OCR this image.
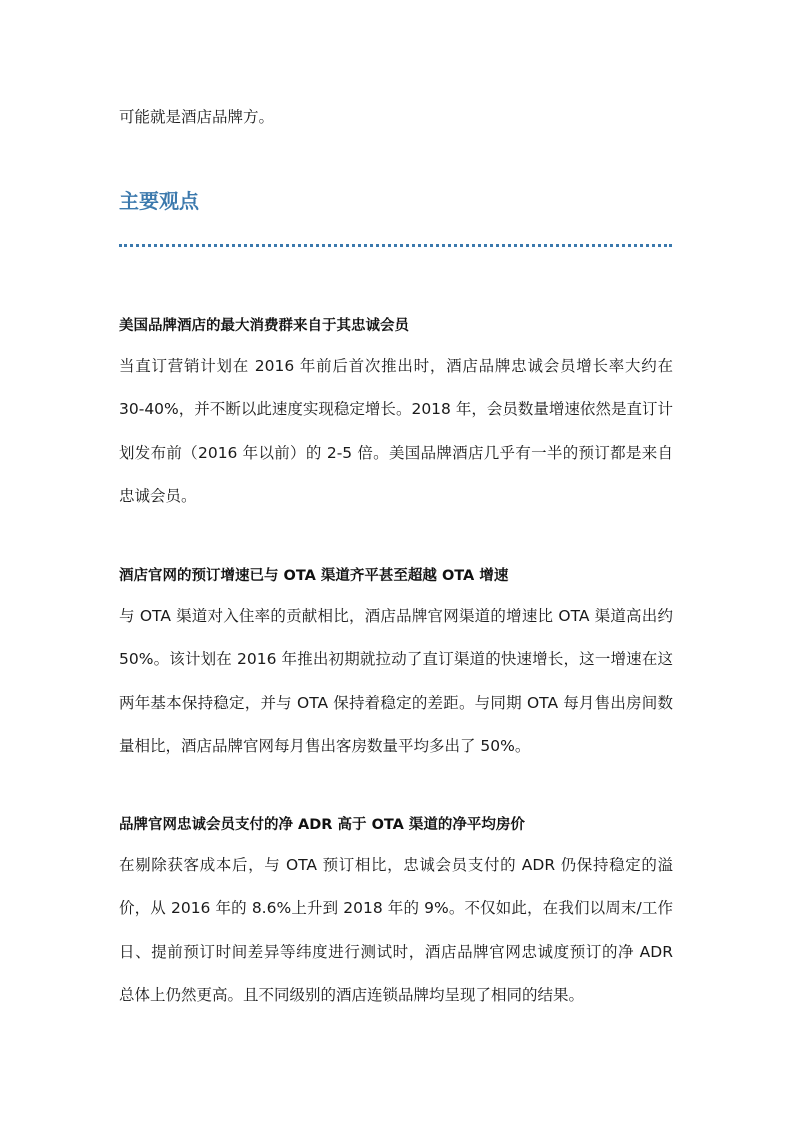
可能就是酒店品牌方。

主要观点
美国品牌酒店的最大消费群来自于其忠诚会员

当直订营销计划在 2016 年前后首次推出时，酒店品牌忠诚会员增长率大约在 30-40%，并不断以此速度实现稳定增长。2018 年，会员数量增速依然是直订计划发布前（2016 年以前）的 2-5 倍。美国品牌酒店几乎有一半的预订都是来自忠诚会员。

酒店官网的预订增速已与 OTA 渠道齐平甚至超越 OTA 增速

与 OTA 渠道对入住率的贡献相比，酒店品牌官网渠道的增速比 OTA 渠道高出约 50%。该计划在 2016 年推出初期就拉动了直订渠道的快速增长，这一增速在这两年基本保持稳定，并与 OTA 保持着稳定的差距。与同期 OTA 每月售出房间数量相比，酒店品牌官网每月售出客房数量平均多出了 50%。

品牌官网忠诚会员支付的净 ADR 高于 OTA 渠道的净平均房价

在剔除获客成本后，与 OTA 预订相比，忠诚会员支付的 ADR 仍保持稳定的溢价，从 2016 年的 8.6%上升到 2018 年的 9%。不仅如此，在我们以周末/工作日、提前预订时间差异等纬度进行测试时，酒店品牌官网忠诚度预订的净 ADR 总体上仍然更高。且不同级别的酒店连锁品牌均呈现了相同的结果。
